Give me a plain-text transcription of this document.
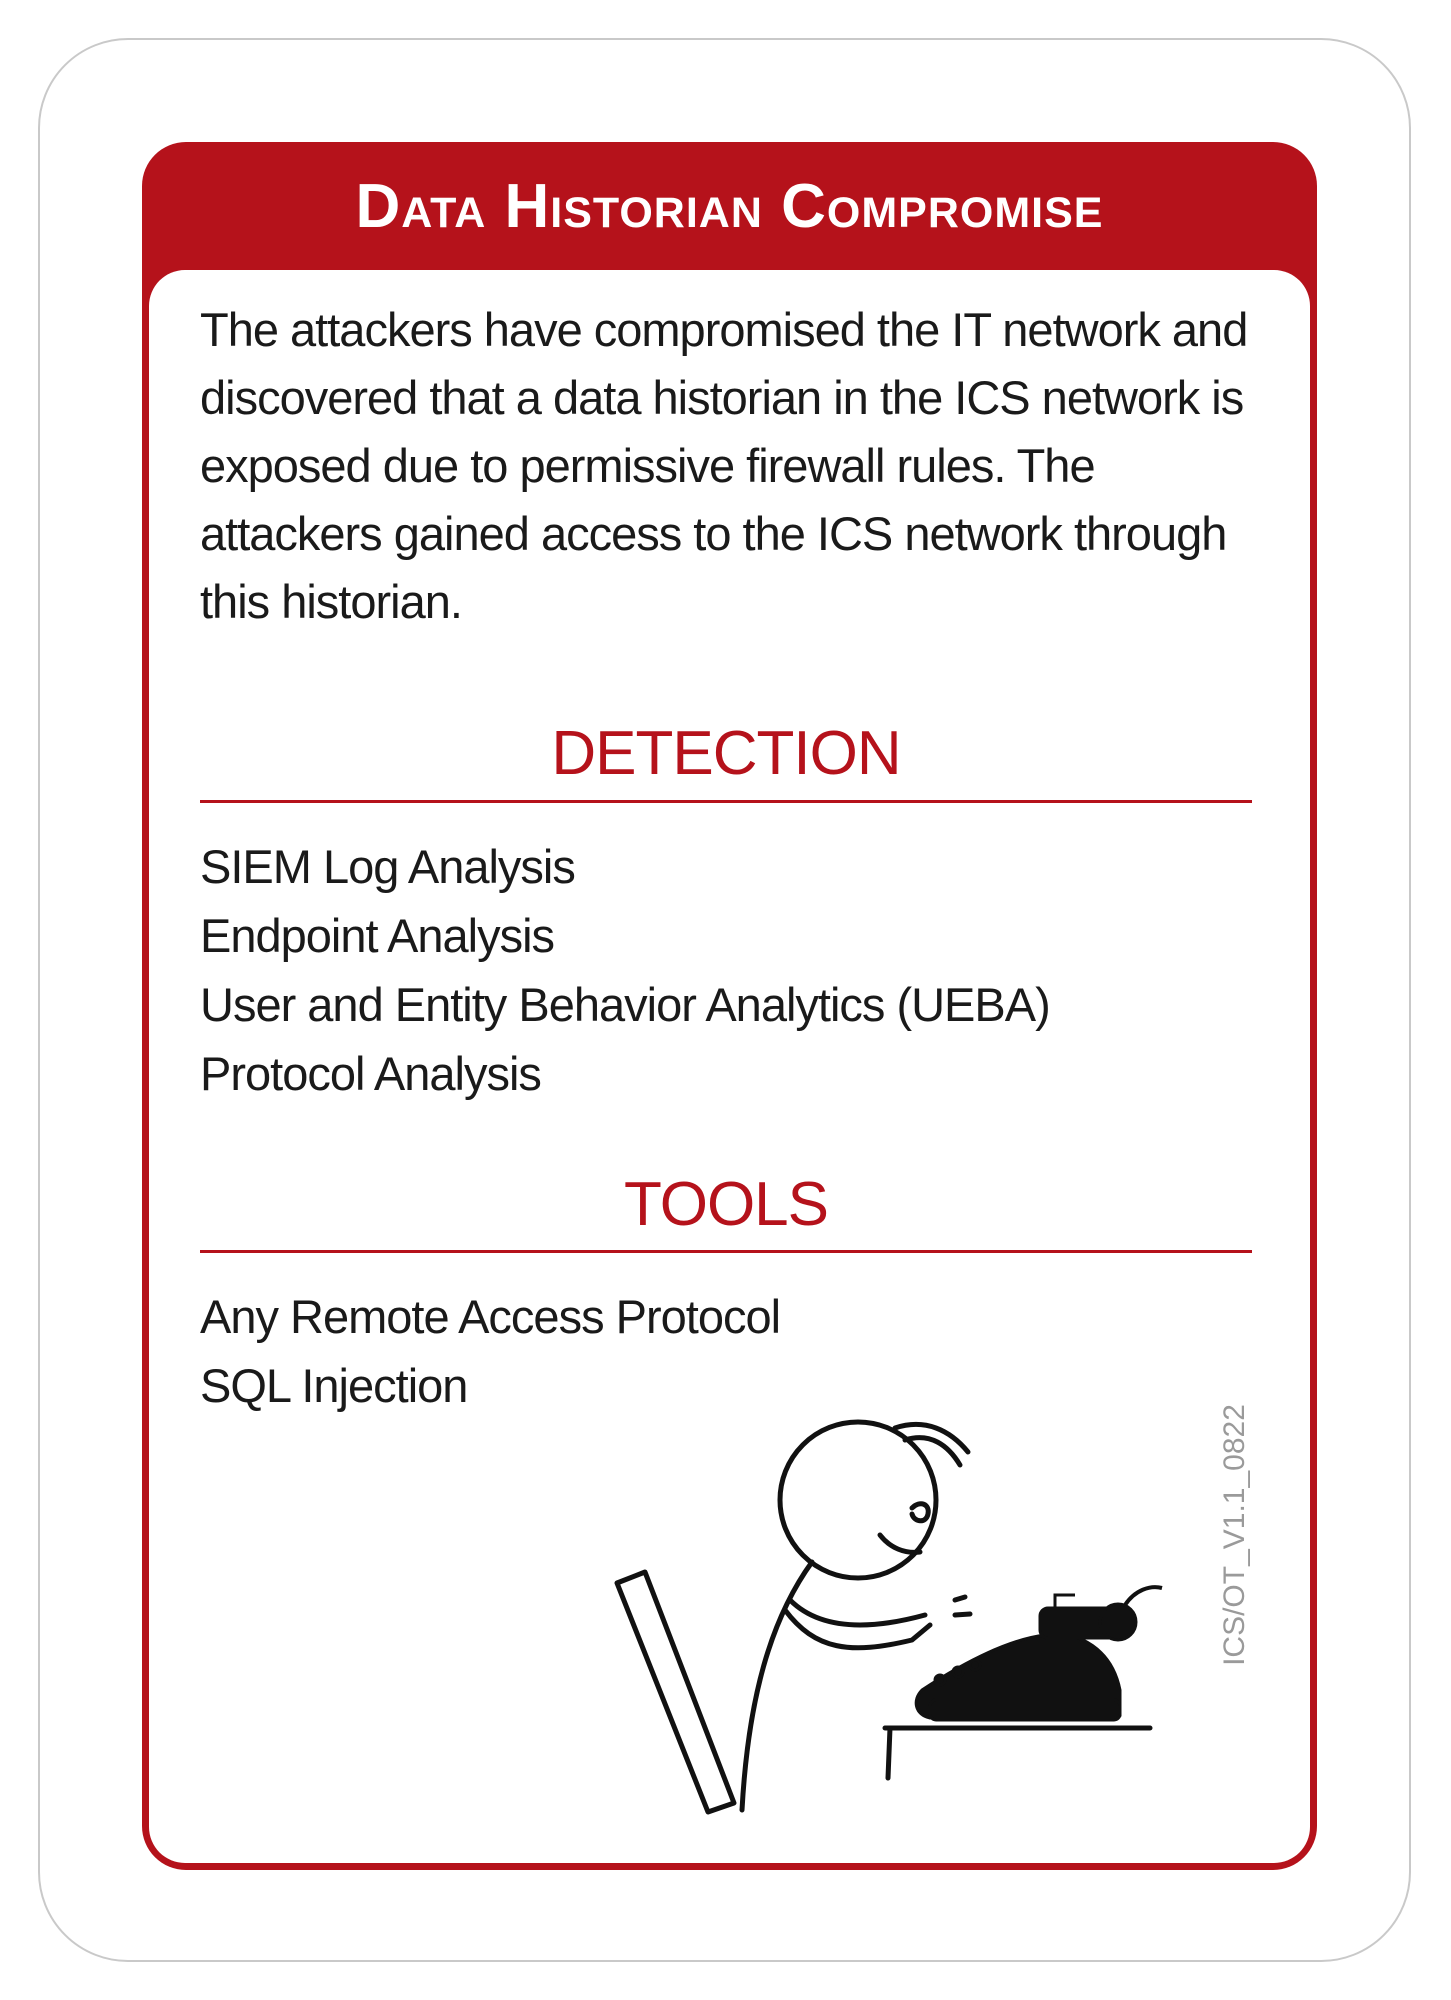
Data Historian Compromise
The attackers have compromised the IT network and discovered that a data historian in the ICS network is exposed due to permissive firewall rules. The attackers gained access to the ICS network through this historian.
DETECTION
SIEM Log Analysis
Endpoint Analysis
User and Entity Behavior Analytics (UEBA)
Protocol Analysis
TOOLS
Any Remote Access Protocol
SQL Injection
ICS/OT_V1.1_0822
